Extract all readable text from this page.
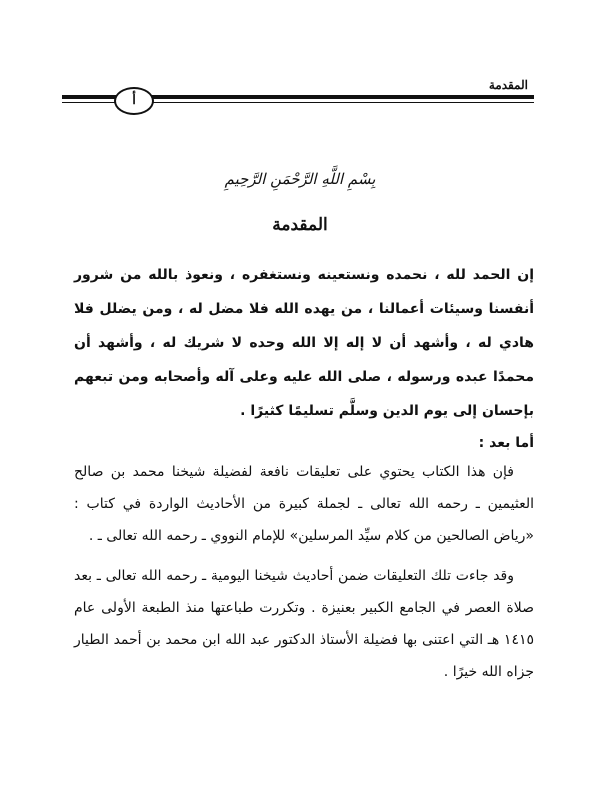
المقدمة
أ
بِسْمِ اللَّهِ الرَّحْمَنِ الرَّحِيمِ
المقدمة

إن الحمد لله ، نحمده ونستعينه ونستغفره ، ونعوذ بالله من شرور أنفسنا وسيئات أعمالنا ، من يهده الله فلا مضل له ، ومن يضلل فلا هادي له ، وأشهد أن لا إله إلا الله وحده لا شريك له ، وأشهد أن محمدًا عبده ورسوله ، صلى الله عليه وعلى آله وأصحابه ومن تبعهم بإحسان إلى يوم الدين وسلَّم تسليمًا كثيرًا .

أما بعد :

فإن هذا الكتاب يحتوي على تعليقات نافعة لفضيلة شيخنا محمد بن صالح العثيمين ـ رحمه الله تعالى ـ لجملة كبيرة من الأحاديث الواردة في كتاب : «رياض الصالحين من كلام سيِّد المرسلين» للإمام النووي ـ رحمه الله تعالى ـ .

وقد جاءت تلك التعليقات ضمن أحاديث شيخنا اليومية ـ رحمه الله تعالى ـ بعد صلاة العصر في الجامع الكبير بعنيزة . وتكررت طباعتها منذ الطبعة الأولى عام ١٤١٥ هـ التي اعتنى بها فضيلة الأستاذ الدكتور عبد الله ابن محمد بن أحمد الطيار جزاه الله خيرًا .
